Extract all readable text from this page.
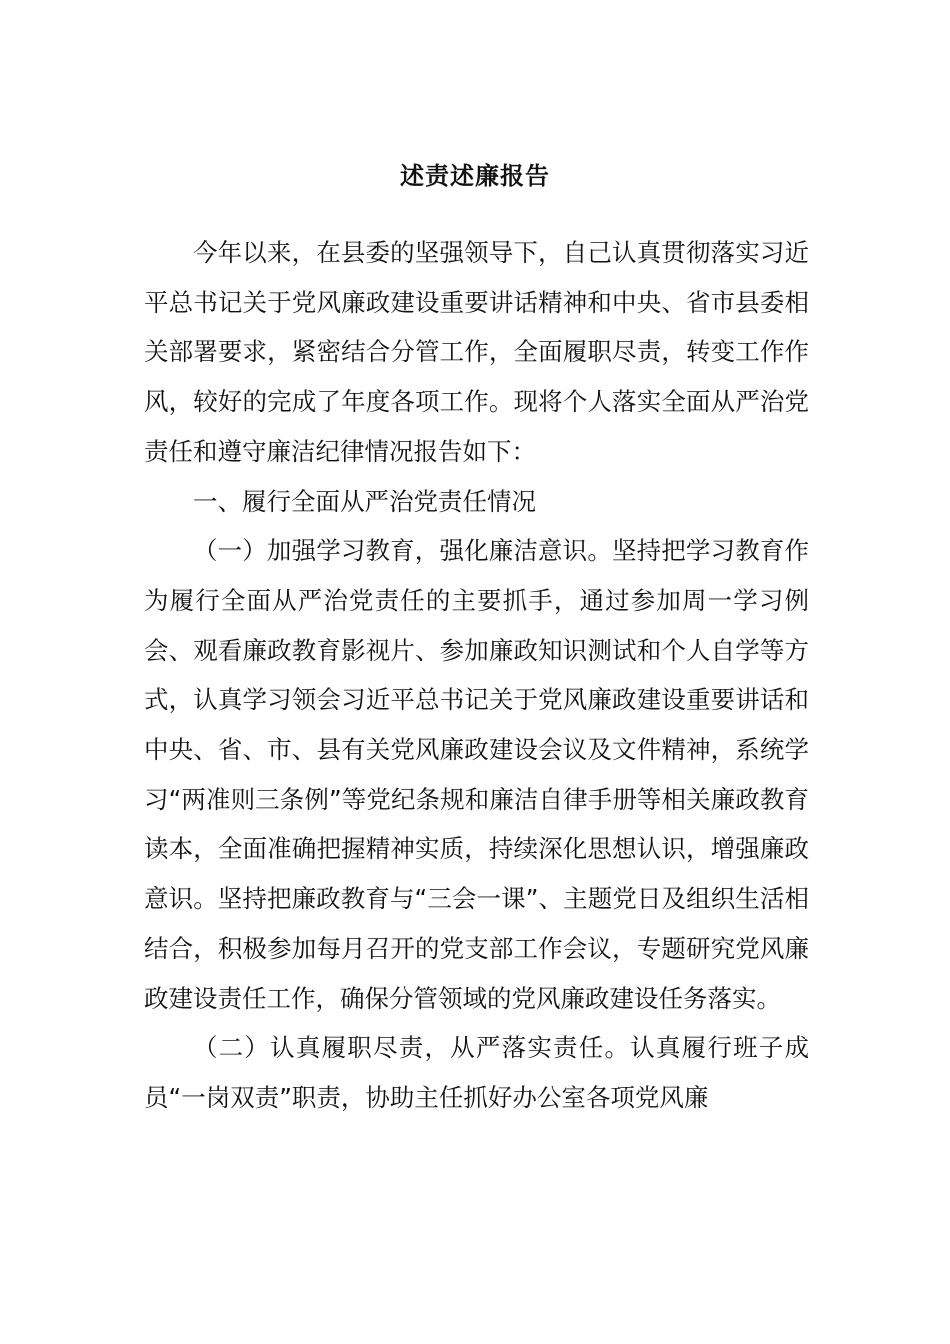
述责述廉报告

今年以来，在县委的坚强领导下，自己认真贯彻落实习近平总书记关于党风廉政建设重要讲话精神和中央、省市县委相关部署要求，紧密结合分管工作，全面履职尽责，转变工作作风，较好的完成了年度各项工作。现将个人落实全面从严治党责任和遵守廉洁纪律情况报告如下：

一、履行全面从严治党责任情况

（一）加强学习教育，强化廉洁意识。坚持把学习教育作为履行全面从严治党责任的主要抓手，通过参加周一学习例会、观看廉政教育影视片、参加廉政知识测试和个人自学等方式，认真学习领会习近平总书记关于党风廉政建设重要讲话和中央、省、市、县有关党风廉政建设会议及文件精神，系统学习“两准则三条例”等党纪条规和廉洁自律手册等相关廉政教育读本，全面准确把握精神实质，持续深化思想认识，增强廉政意识。坚持把廉政教育与“三会一课”、主题党日及组织生活相结合，积极参加每月召开的党支部工作会议，专题研究党风廉政建设责任工作，确保分管领域的党风廉政建设任务落实。

（二）认真履职尽责，从严落实责任。认真履行班子成员“一岗双责”职责，协助主任抓好办公室各项党风廉
